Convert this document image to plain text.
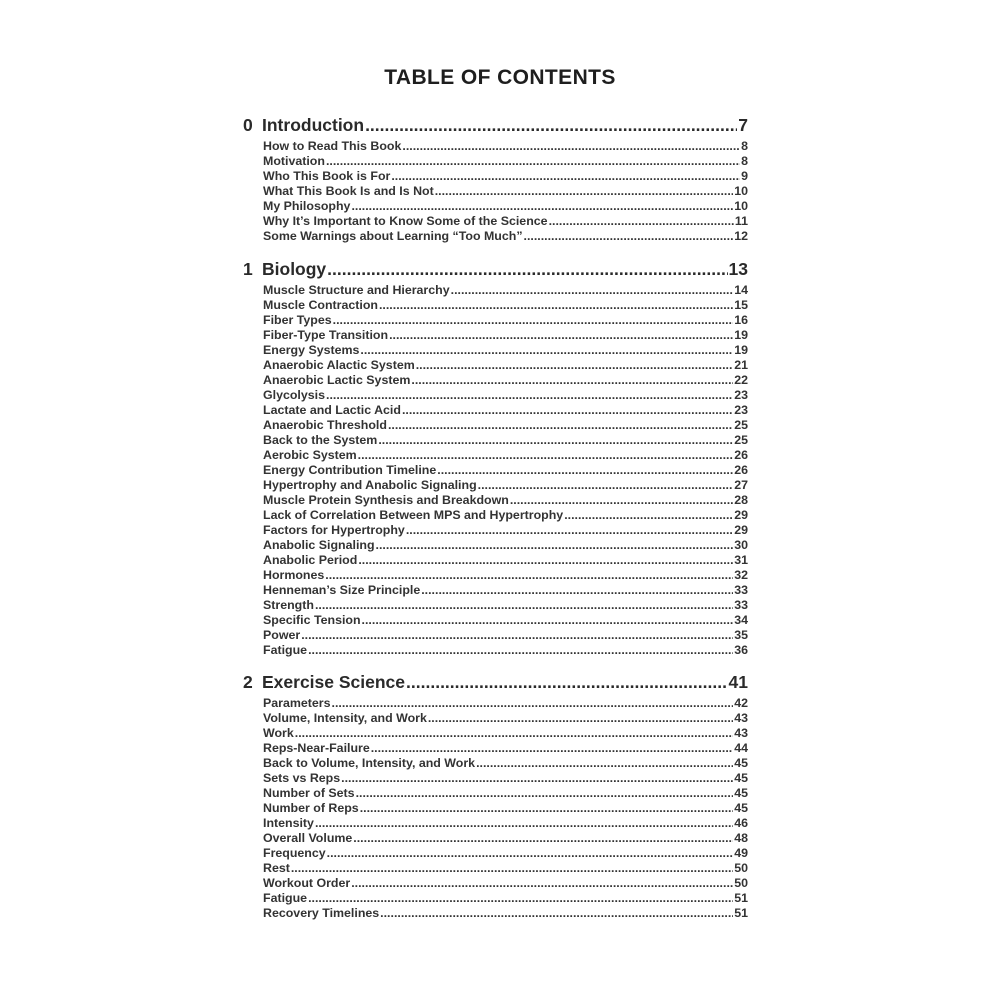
TABLE OF CONTENTS
0 Introduction .....	7
How to Read This Book .....	8
Motivation .....	8
Who This Book is For .....	9
What This Book Is and Is Not .....	10
My Philosophy .....	10
Why It’s Important to Know Some of the Science .....	11
Some Warnings about Learning “Too Much” .....	12
1 Biology .....	13
Muscle Structure and Hierarchy .....	14
Muscle Contraction .....	15
Fiber Types .....	16
Fiber-Type Transition .....	19
Energy Systems .....	19
Anaerobic Alactic System .....	21
Anaerobic Lactic System .....	22
Glycolysis .....	23
Lactate and Lactic Acid .....	23
Anaerobic Threshold .....	25
Back to the System .....	25
Aerobic System .....	26
Energy Contribution Timeline .....	26
Hypertrophy and Anabolic Signaling .....	27
Muscle Protein Synthesis and Breakdown .....	28
Lack of Correlation Between MPS and Hypertrophy .....	29
Factors for Hypertrophy .....	29
Anabolic Signaling .....	30
Anabolic Period .....	31
Hormones .....	32
Henneman’s Size Principle .....	33
Strength .....	33
Specific Tension .....	34
Power .....	35
Fatigue .....	36
2 Exercise Science .....	41
Parameters .....	42
Volume, Intensity, and Work .....	43
Work .....	43
Reps-Near-Failure .....	44
Back to Volume, Intensity, and Work .....	45
Sets vs Reps .....	45
Number of Sets .....	45
Number of Reps .....	45
Intensity .....	46
Overall Volume .....	48
Frequency .....	49
Rest .....	50
Workout Order .....	50
Fatigue .....	51
Recovery Timelines .....	51
